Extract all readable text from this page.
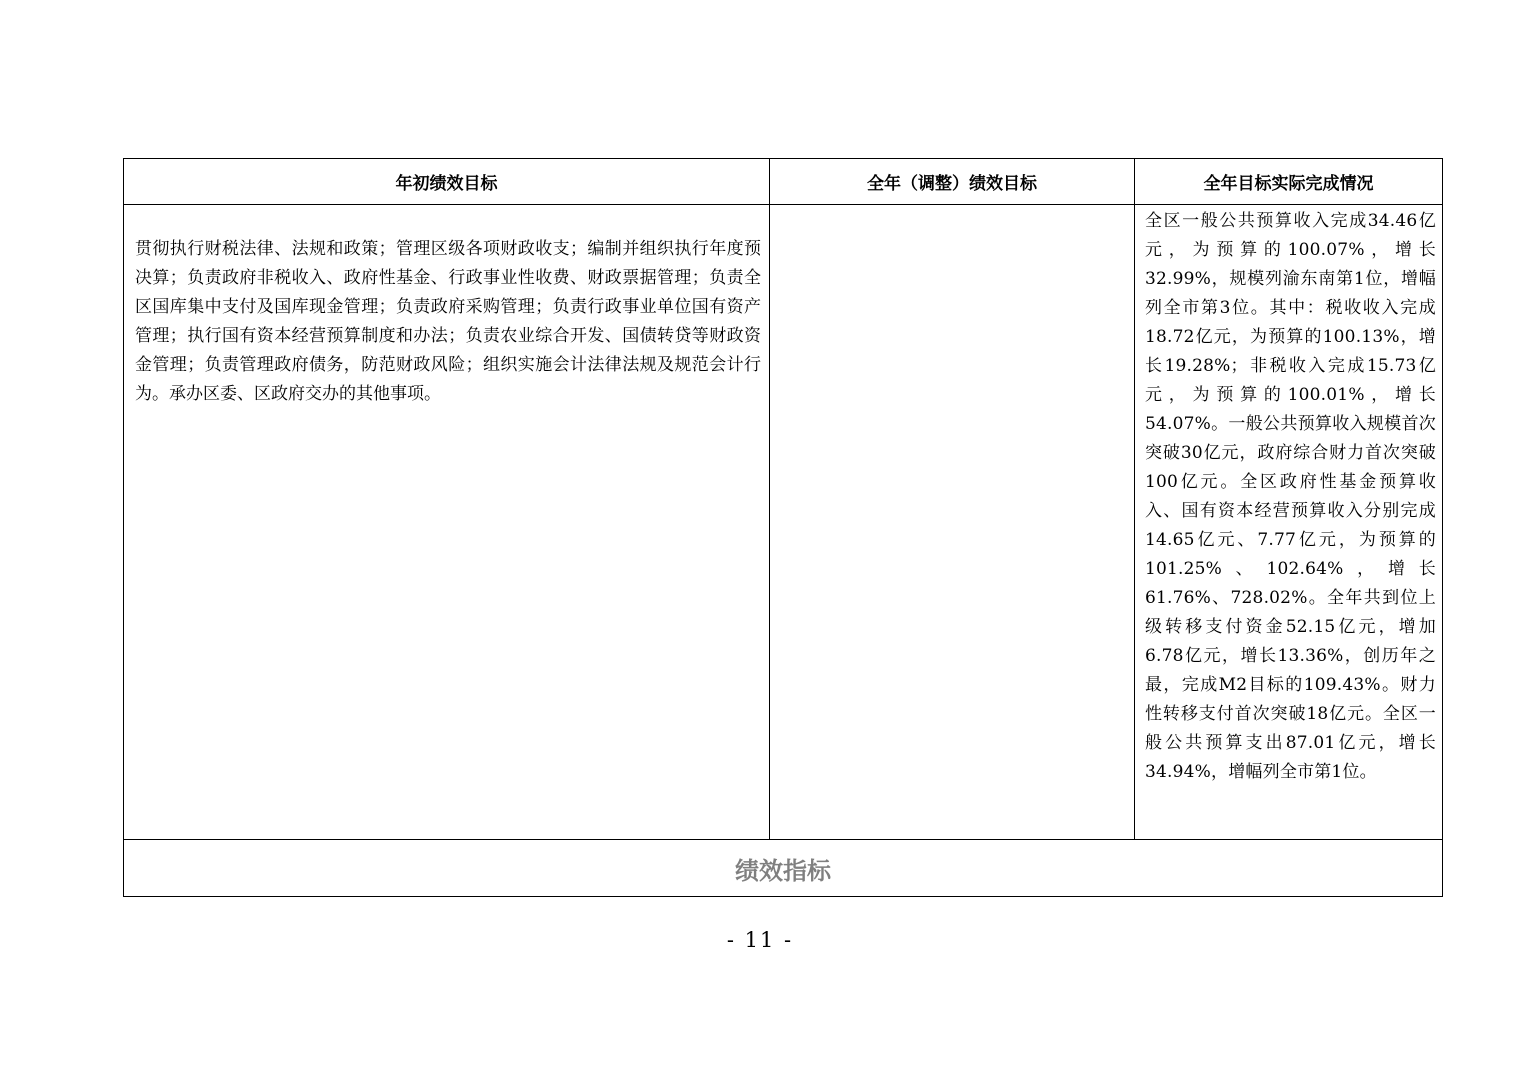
年初绩效目标	全年（调整）绩效目标	全年目标实际完成情况

贯彻执行财税法律、法规和政策；管理区级各项财政收支；编制并组织执行年度预决算；负责政府非税收入、政府性基金、行政事业性收费、财政票据管理；负责全区国库集中支付及国库现金管理；负责政府采购管理；负责行政事业单位国有资产管理；执行国有资本经营预算制度和办法；负责农业综合开发、国债转贷等财政资金管理；负责管理政府债务，防范财政风险；组织实施会计法律法规及规范会计行为。承办区委、区政府交办的其他事项。		全区一般公共预算收入完成34.46亿元，为预算的100.07%，增长32.99%，规模列渝东南第1位，增幅列全市第3位。其中：税收收入完成18.72亿元，为预算的100.13%，增长19.28%；非税收入完成15.73亿元，为预算的100.01%，增长54.07%。一般公共预算收入规模首次突破30亿元，政府综合财力首次突破100亿元。全区政府性基金预算收入、国有资本经营预算收入分别完成14.65亿元、7.77亿元，为预算的 101.25%、102.64%，增长61.76%、728.02%。全年共到位上级转移支付资金52.15亿元，增加6.78亿元，增长13.36%，创历年之最，完成M2目标的109.43%。财力性转移支付首次突破18亿元。全区一般公共预算支出87.01亿元，增长34.94%，增幅列全市第1位。

绩效指标		
- 11 -
